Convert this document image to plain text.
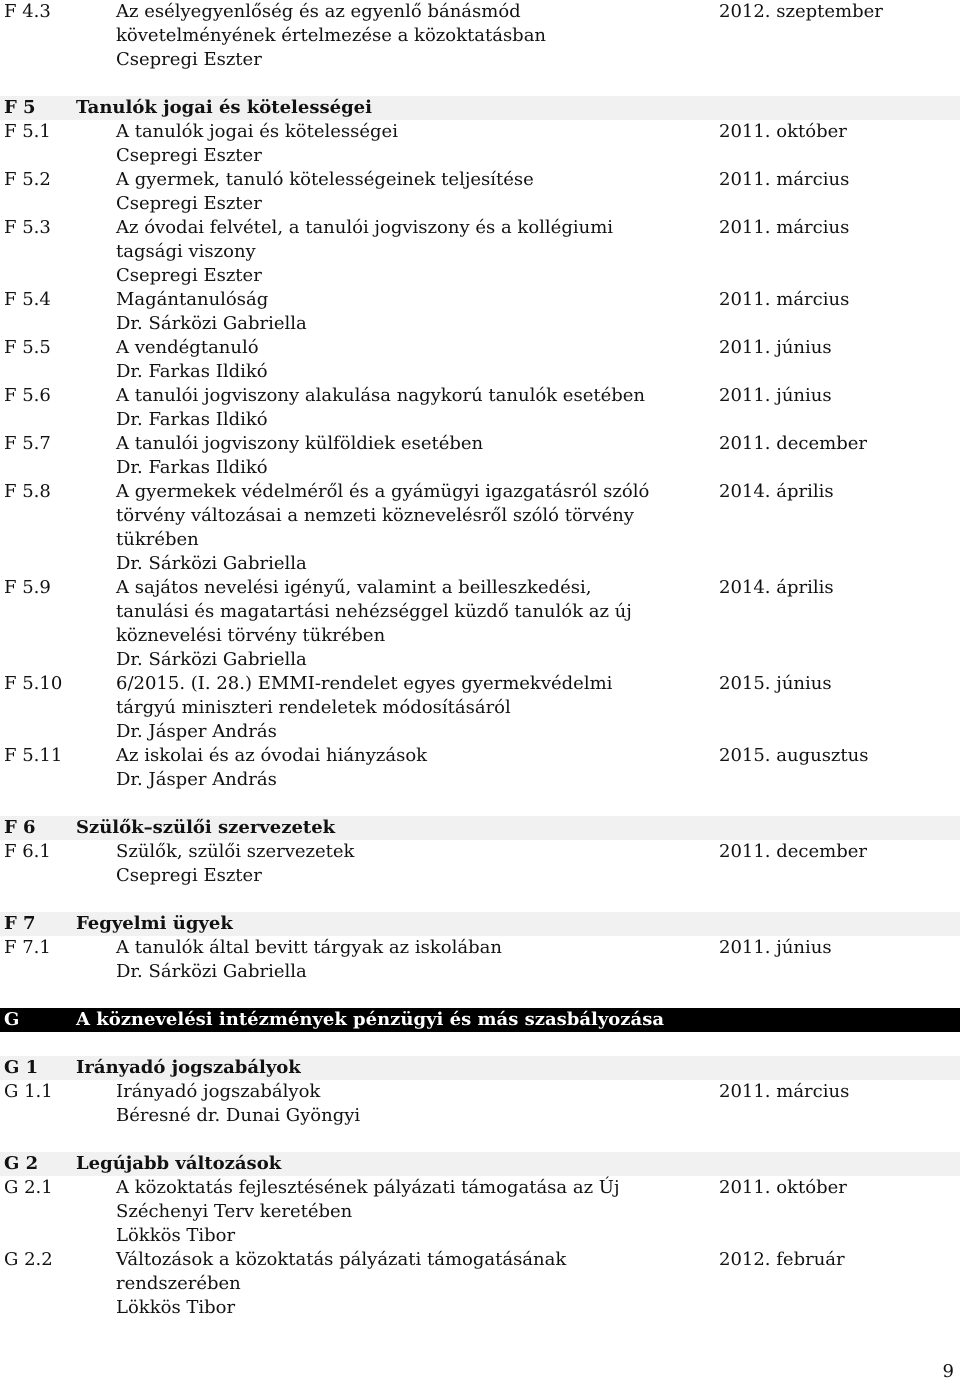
F 4.3	Az esélyegyenlőség és az egyenlő bánásmód	2012. szeptember
követelményének értelmezése a közoktatásban
Csepregi Eszter
F 5 Tanulók jogai és kötelességei
F 5.1	A tanulók jogai és kötelességei	2011. október
Csepregi Eszter
F 5.2	A gyermek, tanuló kötelességeinek teljesítése	2011. március
Csepregi Eszter
F 5.3	Az óvodai felvétel, a tanulói jogviszony és a kollégiumi	2011. március
tagsági viszony
Csepregi Eszter
F 5.4	Magántanulóság	2011. március
Dr. Sárközi Gabriella
F 5.5	A vendégtanuló	2011. június
Dr. Farkas Ildikó
F 5.6	A tanulói jogviszony alakulása nagykorú tanulók esetében	2011. június
Dr. Farkas Ildikó
F 5.7	A tanulói jogviszony külföldiek esetében	2011. december
Dr. Farkas Ildikó
F 5.8	A gyermekek védelméről és a gyámügyi igazgatásról szóló	2014. április
törvény változásai a nemzeti köznevelésről szóló törvény
tükrében
Dr. Sárközi Gabriella
F 5.9	A sajátos nevelési igényű, valamint a beilleszkedési,	2014. április
tanulási és magatartási nehézséggel küzdő tanulók az új
köznevelési törvény tükrében
Dr. Sárközi Gabriella
F 5.10	6/2015. (I. 28.) EMMI-rendelet egyes gyermekvédelmi	2015. június
tárgyú miniszteri rendeletek módosításáról
Dr. Jásper András
F 5.11	Az iskolai és az óvodai hiányzások	2015. augusztus
Dr. Jásper András
F 6 Szülők–szülői szervezetek
F 6.1	Szülők, szülői szervezetek	2011. december
Csepregi Eszter
F 7 Fegyelmi ügyek
F 7.1	A tanulók által bevitt tárgyak az iskolában	2011. június
Dr. Sárközi Gabriella
G	A köznevelési intézmények pénzügyi és más szasbályozása
G 1 Irányadó jogszabályok
G 1.1	Irányadó jogszabályok	2011. március
Béresné dr. Dunai Gyöngyi
G 2 Legújabb változások
G 2.1	A közoktatás fejlesztésének pályázati támogatása az Új	2011. október
Széchenyi Terv keretében
Lökkös Tibor
G 2.2	Változások a közoktatás pályázati támogatásának	2012. február
rendszerében
Lökkös Tibor
9
